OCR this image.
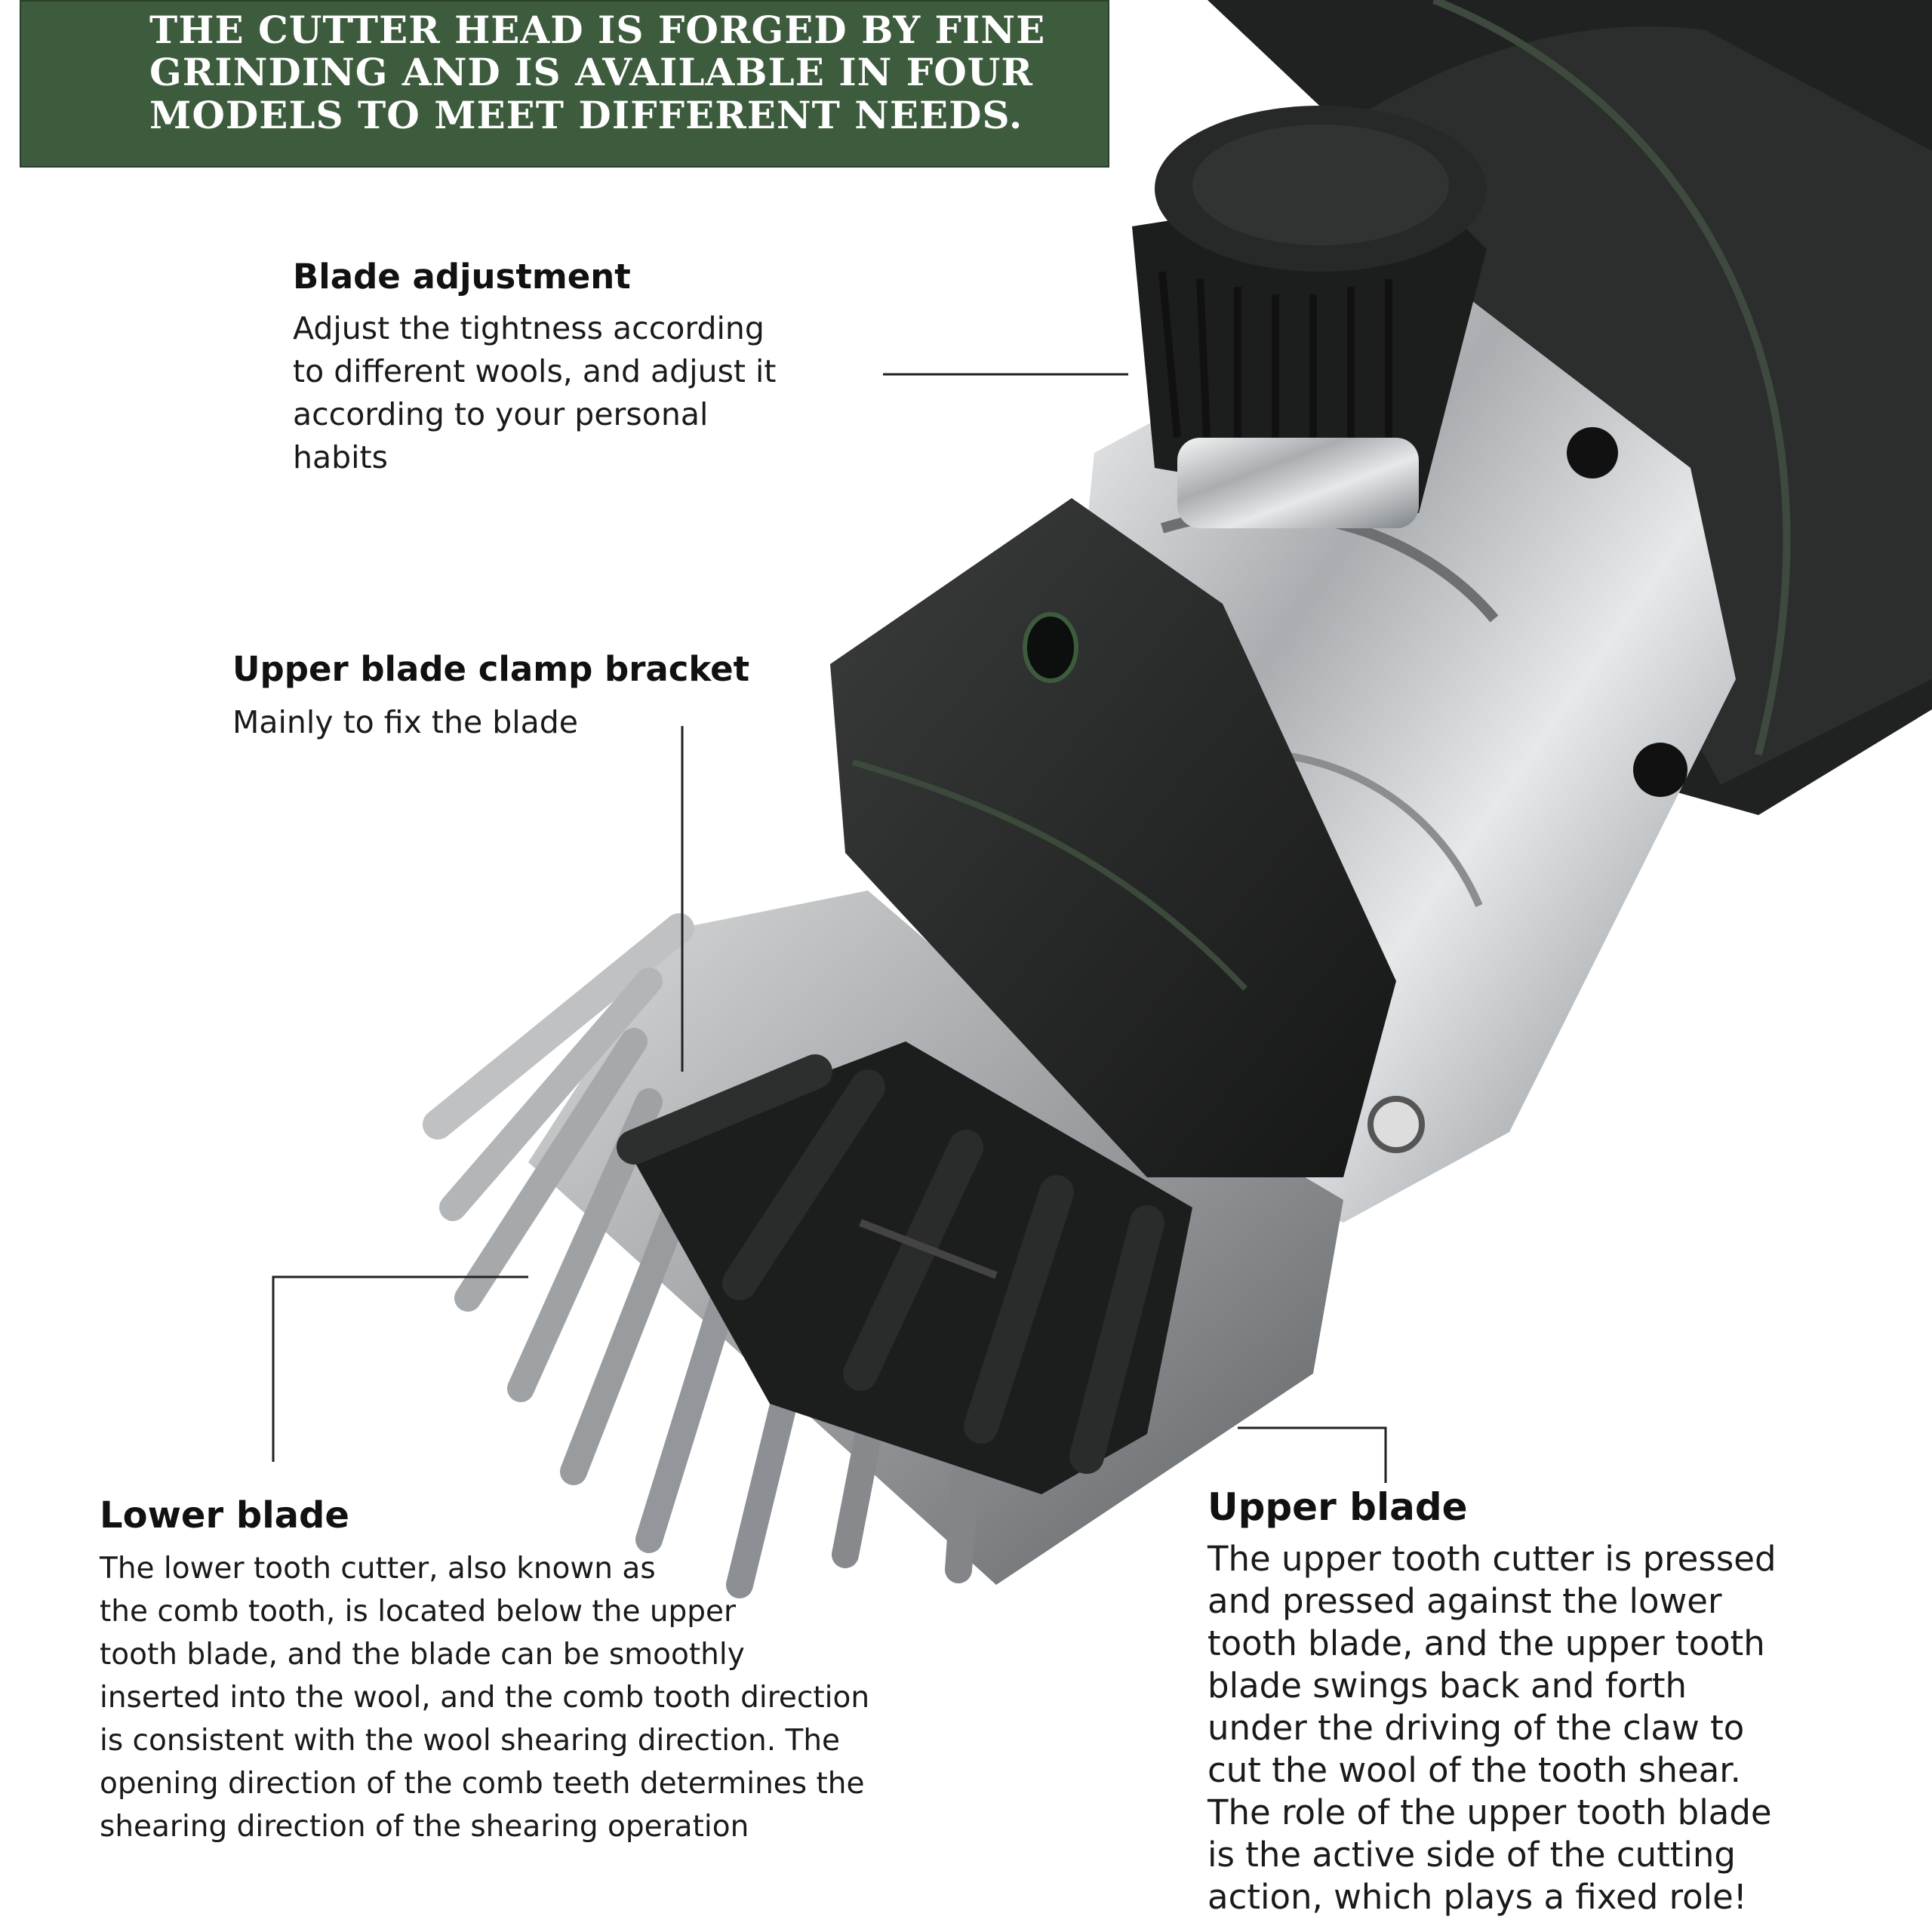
THE CUTTER HEAD IS FORGED BY FINE

GRINDING AND IS AVAILABLE IN FOUR

MODELS TO MEET DIFFERENT NEEDS.

Blade adjustment
Adjust the tightness according
to different wools, and adjust it
according to your personal
habits
Upper blade clamp bracket
Mainly to fix the blade
Lower blade
The lower tooth cutter, also known as
the comb tooth, is located below the upper
tooth blade, and the blade can be smoothly
inserted into the wool, and the comb tooth direction
is consistent with the wool shearing direction. The
opening direction of the comb teeth determines the
shearing direction of the shearing operation
Upper blade
The upper tooth cutter is pressed
and pressed against the lower
tooth blade, and the upper tooth
blade swings back and forth
under the driving of the claw to
cut the wool of the tooth shear.
The role of the upper tooth blade
is the active side of the cutting
action, which plays a fixed role!
